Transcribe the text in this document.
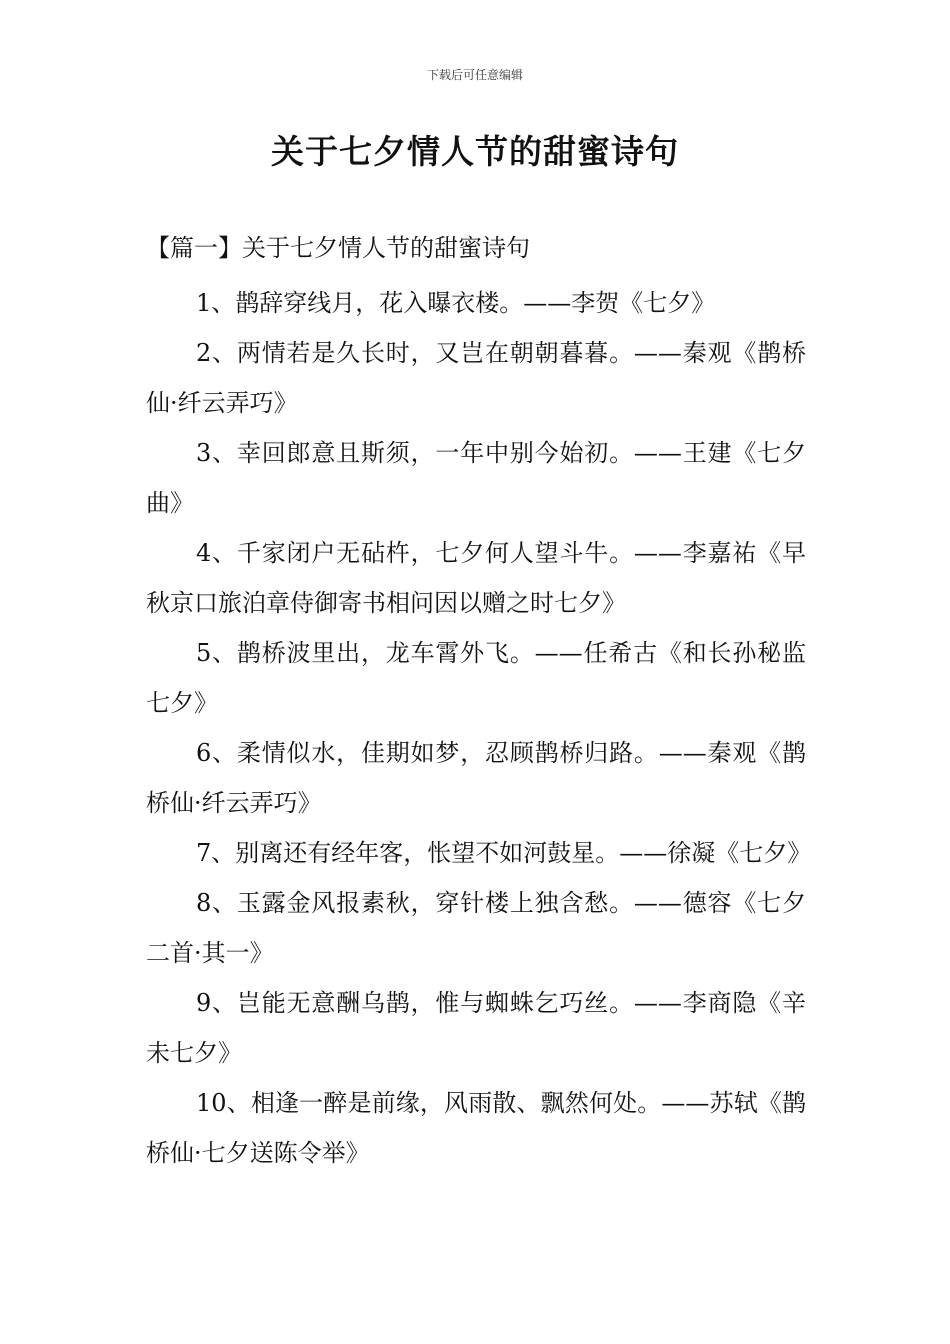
下载后可任意编辑
关于七夕情人节的甜蜜诗句
【篇一】关于七夕情人节的甜蜜诗句

1、鹊辞穿线月，花入曝衣楼。——李贺《七夕》

2、两情若是久长时，又岂在朝朝暮暮。——秦观《鹊桥仙·纤云弄巧》

3、幸回郎意且斯须，一年中别今始初。——王建《七夕曲》

4、千家闭户无砧杵，七夕何人望斗牛。——李嘉祐《早秋京口旅泊章侍御寄书相问因以赠之时七夕》

5、鹊桥波里出，龙车霄外飞。——任希古《和长孙秘监七夕》

6、柔情似水，佳期如梦，忍顾鹊桥归路。——秦观《鹊桥仙·纤云弄巧》

7、别离还有经年客，怅望不如河鼓星。——徐凝《七夕》

8、玉露金风报素秋，穿针楼上独含愁。——德容《七夕二首·其一》

9、岂能无意酬乌鹊，惟与蜘蛛乞巧丝。——李商隐《辛未七夕》

10、相逢一醉是前缘，风雨散、飘然何处。——苏轼《鹊桥仙·七夕送陈令举》
